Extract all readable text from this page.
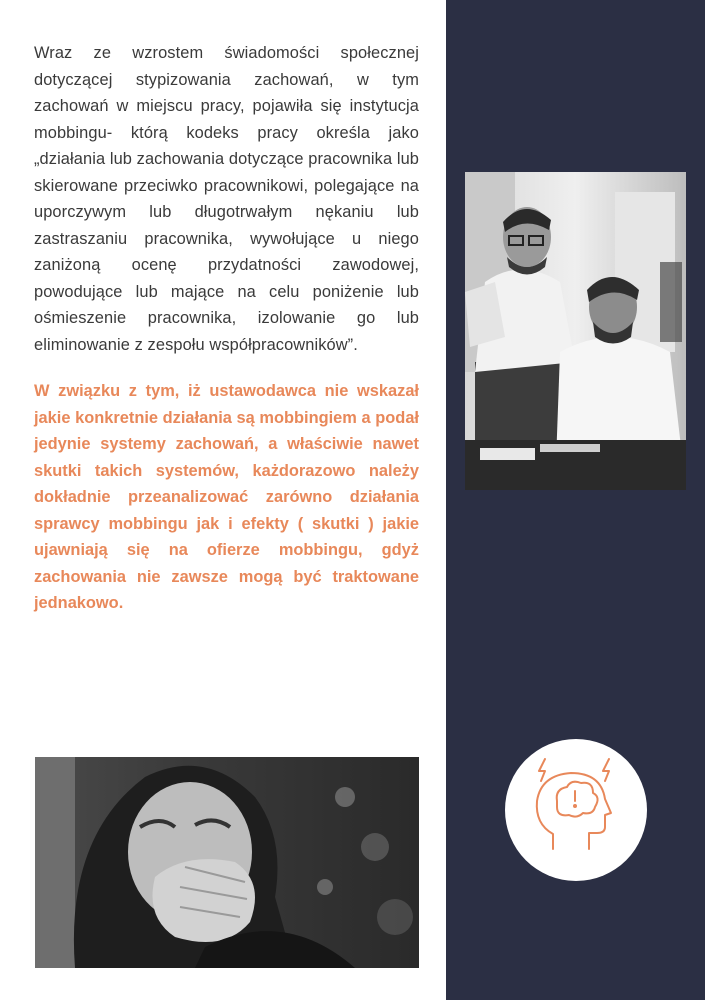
Wraz ze wzrostem świadomości społecznej dotyczącej stypizowania zachowań, w tym zachowań w miejscu pracy, pojawiła się instytucja mobbingu- którą kodeks pracy określa jako „działania lub zachowania dotyczące pracownika lub skierowane przeciwko pracownikowi, polegające na uporczywym lub długotrwałym nękaniu lub zastraszaniu pracownika, wywołujące u niego zaniżoną ocenę przydatności zawodowej, powodujące lub mające na celu poniżenie lub ośmieszenie pracownika, izolowanie go lub eliminowanie z zespołu współpracowników”.

W związku z tym, iż ustawodawca nie wskazał jakie konkretnie działania są mobbingiem a podał jedynie systemy zachowań, a właściwie nawet skutki takich systemów, każdorazowo należy dokładnie przeanalizować zarówno działania sprawcy mobbingu jak i efekty ( skutki ) jakie ujawniają się na ofierze mobbingu, gdyż zachowania nie zawsze mogą być traktowane jednakowo.
